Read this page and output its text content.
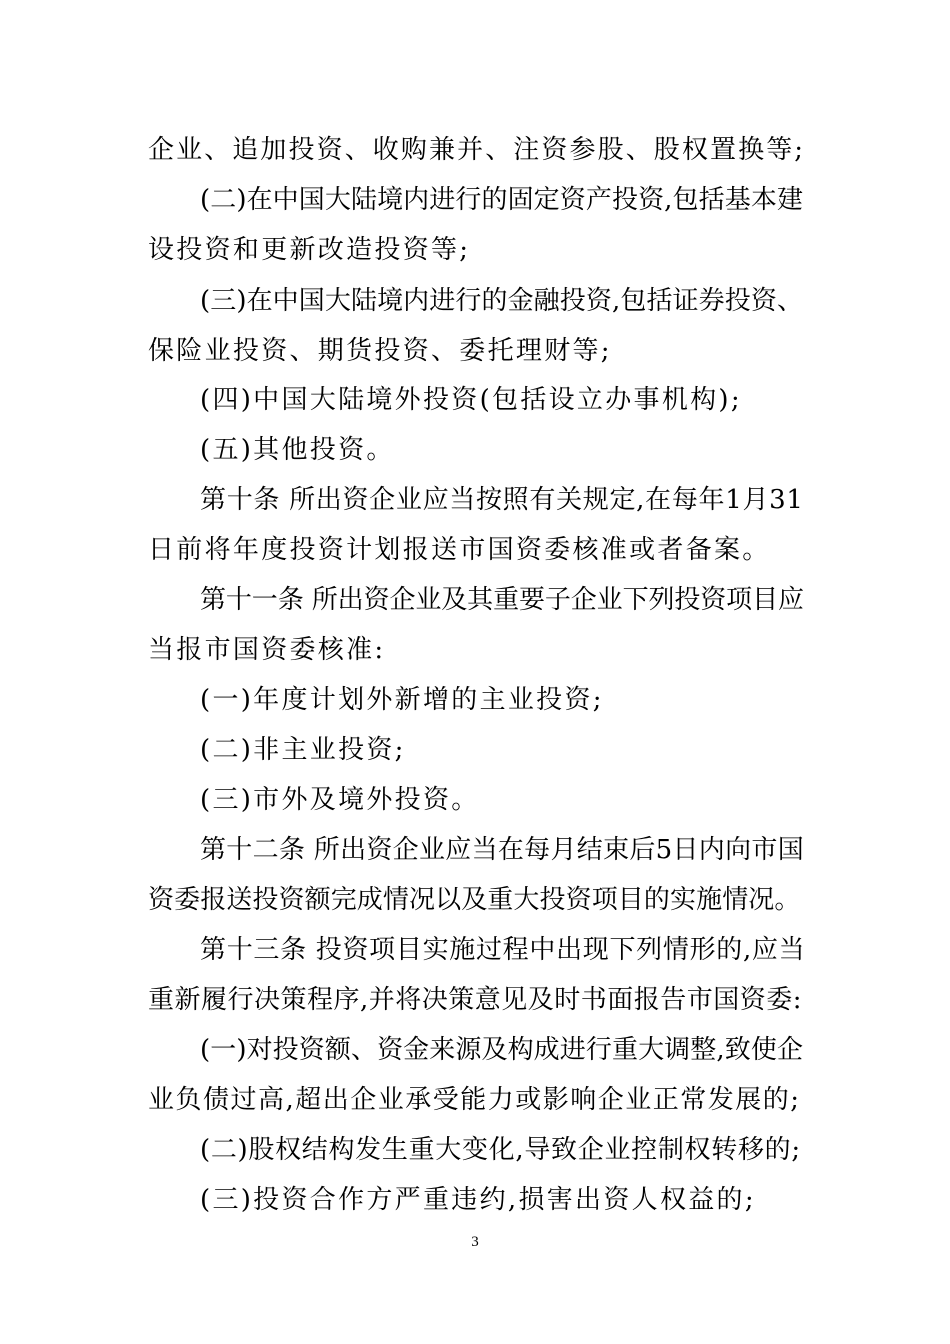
企业、追加投资、收购兼并、注资参股、股权置换等;
(二)在中国大陆境内进行的固定资产投资,包括基本建
设投资和更新改造投资等;
(三)在中国大陆境内进行的金融投资,包括证券投资、
保险业投资、期货投资、委托理财等;
(四)中国大陆境外投资(包括设立办事机构);
(五)其他投资。
第十条 所出资企业应当按照有关规定,在每年1月31
日前将年度投资计划报送市国资委核准或者备案。
第十一条 所出资企业及其重要子企业下列投资项目应
当报市国资委核准:
(一)年度计划外新增的主业投资;
(二)非主业投资;
(三)市外及境外投资。
第十二条 所出资企业应当在每月结束后5日内向市国
资委报送投资额完成情况以及重大投资项目的实施情况。
第十三条 投资项目实施过程中出现下列情形的,应当
重新履行决策程序,并将决策意见及时书面报告市国资委:
(一)对投资额、资金来源及构成进行重大调整,致使企
业负债过高,超出企业承受能力或影响企业正常发展的;
(二)股权结构发生重大变化,导致企业控制权转移的;
(三)投资合作方严重违约,损害出资人权益的;
3
